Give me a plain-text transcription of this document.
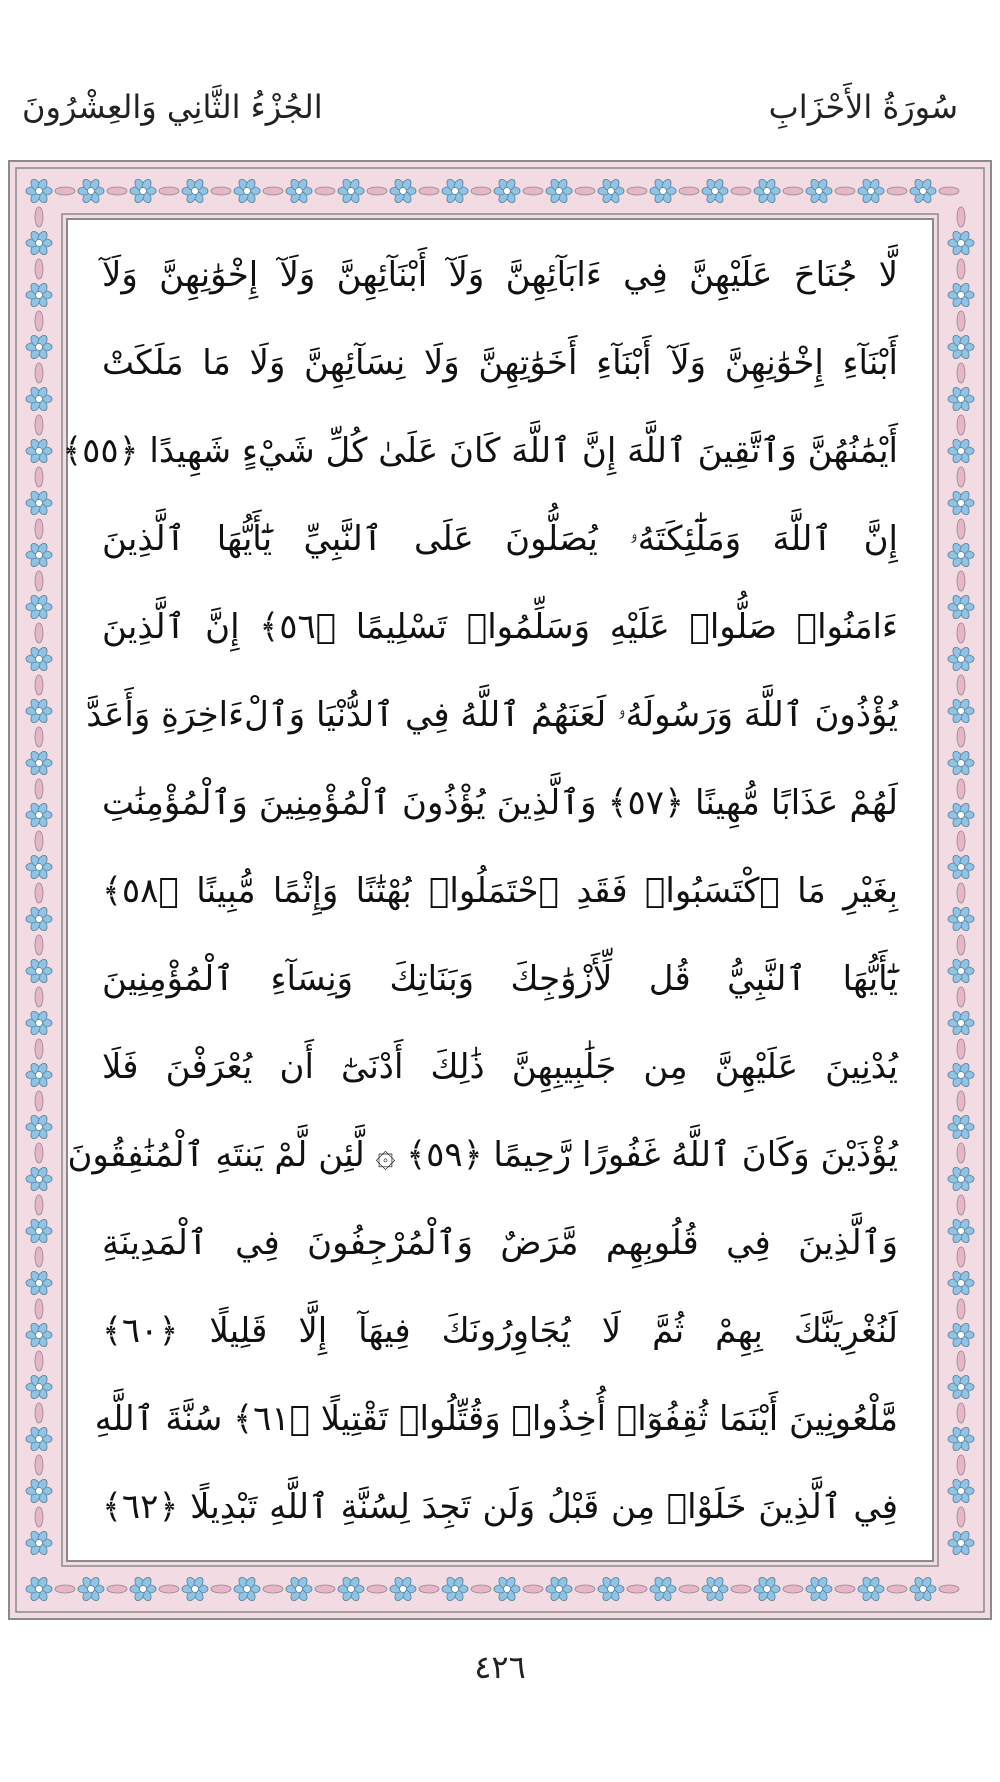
سُورَةُ الأَحْزَابِ
الجُزْءُ الثَّانِي وَالعِشْرُونَ
لَّا جُنَاحَ عَلَيْهِنَّ فِي ءَابَآئِهِنَّ وَلَآ أَبْنَآئِهِنَّ وَلَآ إِخْوَٰنِهِنَّ وَلَآ
أَبْنَآءِ إِخْوَٰنِهِنَّ وَلَآ أَبْنَآءِ أَخَوَٰتِهِنَّ وَلَا نِسَآئِهِنَّ وَلَا مَا مَلَكَتْ
أَيْمَٰنُهُنَّ وَٱتَّقِينَ ٱللَّهَ إِنَّ ٱللَّهَ كَانَ عَلَىٰ كُلِّ شَيْءٍ شَهِيدًا ﴿٥٥﴾
إِنَّ ٱللَّهَ وَمَلَٰٓئِكَتَهُۥ يُصَلُّونَ عَلَى ٱلنَّبِيِّ يَٰٓأَيُّهَا ٱلَّذِينَ
ءَامَنُوا۟ صَلُّوا۟ عَلَيْهِ وَسَلِّمُوا۟ تَسْلِيمًا ﴿٥٦﴾ إِنَّ ٱلَّذِينَ
يُؤْذُونَ ٱللَّهَ وَرَسُولَهُۥ لَعَنَهُمُ ٱللَّهُ فِي ٱلدُّنْيَا وَٱلْءَاخِرَةِ وَأَعَدَّ
لَهُمْ عَذَابًا مُّهِينًا ﴿٥٧﴾ وَٱلَّذِينَ يُؤْذُونَ ٱلْمُؤْمِنِينَ وَٱلْمُؤْمِنَٰتِ
بِغَيْرِ مَا ٱكْتَسَبُوا۟ فَقَدِ ٱحْتَمَلُوا۟ بُهْتَٰنًا وَإِثْمًا مُّبِينًا ﴿٥٨﴾
يَٰٓأَيُّهَا ٱلنَّبِيُّ قُل لِّأَزْوَٰجِكَ وَبَنَاتِكَ وَنِسَآءِ ٱلْمُؤْمِنِينَ
يُدْنِينَ عَلَيْهِنَّ مِن جَلَٰبِيبِهِنَّ ذَٰلِكَ أَدْنَىٰٓ أَن يُعْرَفْنَ فَلَا
يُؤْذَيْنَ وَكَانَ ٱللَّهُ غَفُورًا رَّحِيمًا ﴿٥٩﴾ ۞ لَّئِن لَّمْ يَنتَهِ ٱلْمُنَٰفِقُونَ
وَٱلَّذِينَ فِي قُلُوبِهِم مَّرَضٌ وَٱلْمُرْجِفُونَ فِي ٱلْمَدِينَةِ
لَنُغْرِيَنَّكَ بِهِمْ ثُمَّ لَا يُجَاوِرُونَكَ فِيهَآ إِلَّا قَلِيلًا ﴿٦٠﴾
مَّلْعُونِينَ أَيْنَمَا ثُقِفُوٓا۟ أُخِذُوا۟ وَقُتِّلُوا۟ تَقْتِيلًا ﴿٦١﴾ سُنَّةَ ٱللَّهِ
فِي ٱلَّذِينَ خَلَوْا۟ مِن قَبْلُ وَلَن تَجِدَ لِسُنَّةِ ٱللَّهِ تَبْدِيلًا ﴿٦٢﴾
٤٢٦
